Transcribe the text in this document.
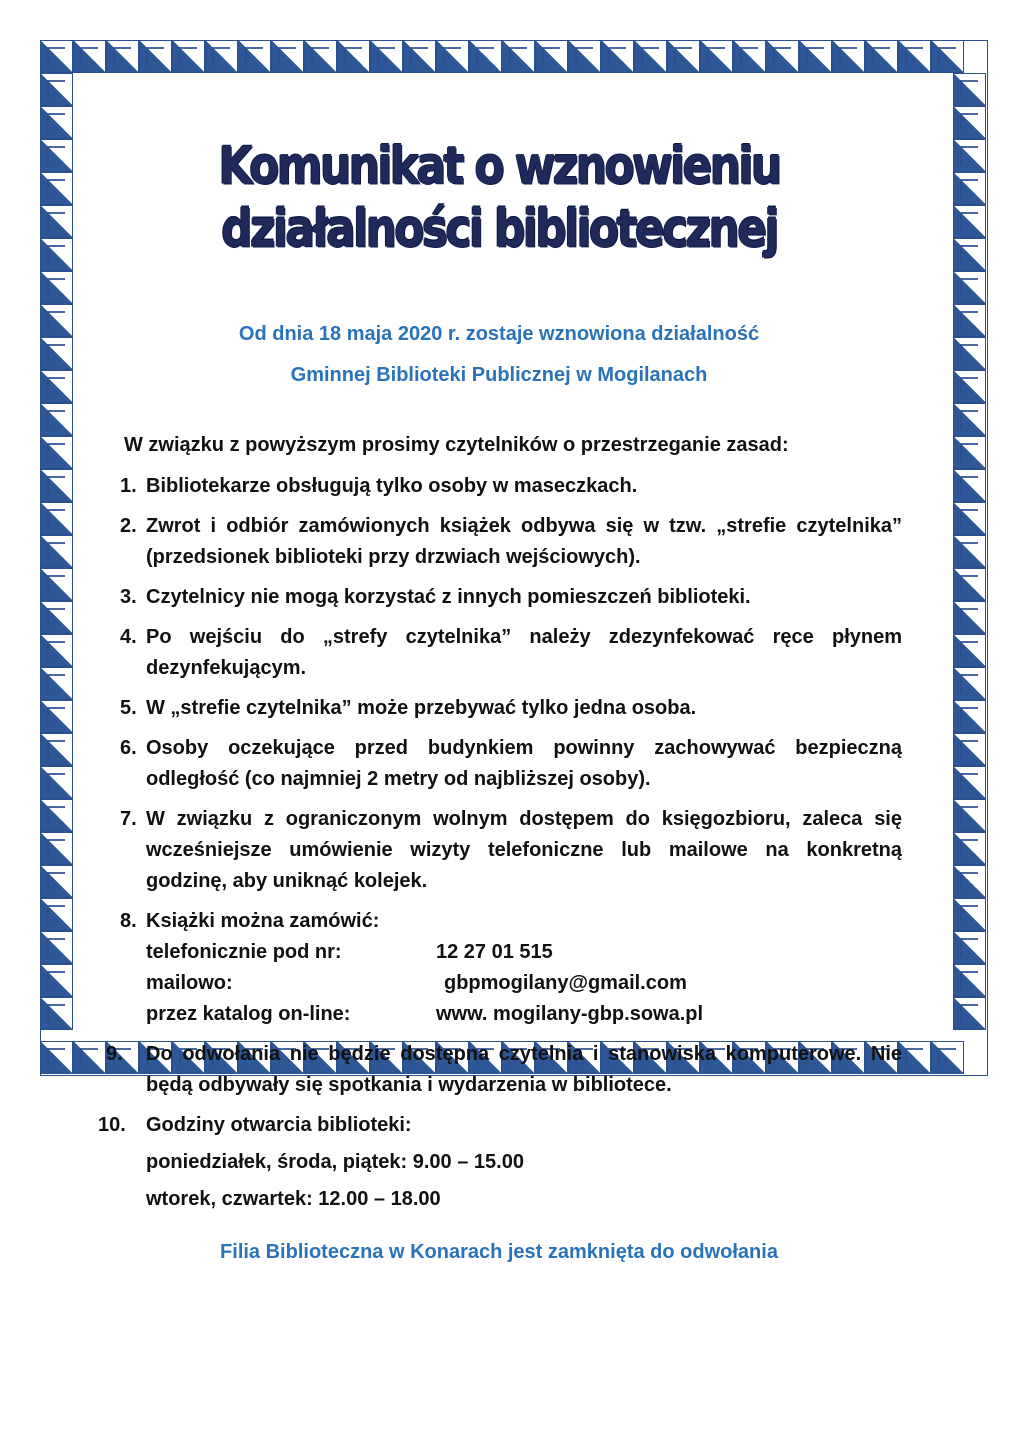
Komunikat o wznowieniu działalności bibliotecznej

Od dnia 18 maja 2020 r. zostaje wznowiona działalność

Gminnej Biblioteki Publicznej w Mogilanach

W związku z powyższym prosimy czytelników o przestrzeganie zasad:

1. Bibliotekarze obsługują tylko osoby w maseczkach.
2. Zwrot i odbiór zamówionych książek odbywa się w tzw. „strefie czytelnika” (przedsionek biblioteki przy drzwiach wejściowych).
3. Czytelnicy nie mogą korzystać z innych pomieszczeń biblioteki.
4. Po wejściu do „strefy czytelnika” należy zdezynfekować ręce płynem dezynfekującym.
5. W „strefie czytelnika” może przebywać tylko jedna osoba.
6. Osoby oczekujące przed budynkiem powinny zachowywać bezpieczną odległość (co najmniej 2 metry od najbliższej osoby).
7. W związku z ograniczonym wolnym dostępem do księgozbioru, zaleca się wcześniejsze umówienie wizyty telefoniczne lub mailowe na konkretną godzinę, aby uniknąć kolejek.
8. Książki można zamówić:
telefonicznie pod nr:	12 27 01 515
mailowo:	gbpmogilany@gmail.com
przez katalog on-line:	www. mogilany-gbp.sowa.pl
9. Do odwołania nie będzie dostępna czytelnia i stanowiska komputerowe. Nie będą odbywały się spotkania i wydarzenia w bibliotece.
10. Godziny otwarcia biblioteki:
poniedziałek, środa, piątek: 9.00 – 15.00
wtorek, czwartek: 12.00 – 18.00

Filia Biblioteczna w Konarach jest zamknięta do odwołania
